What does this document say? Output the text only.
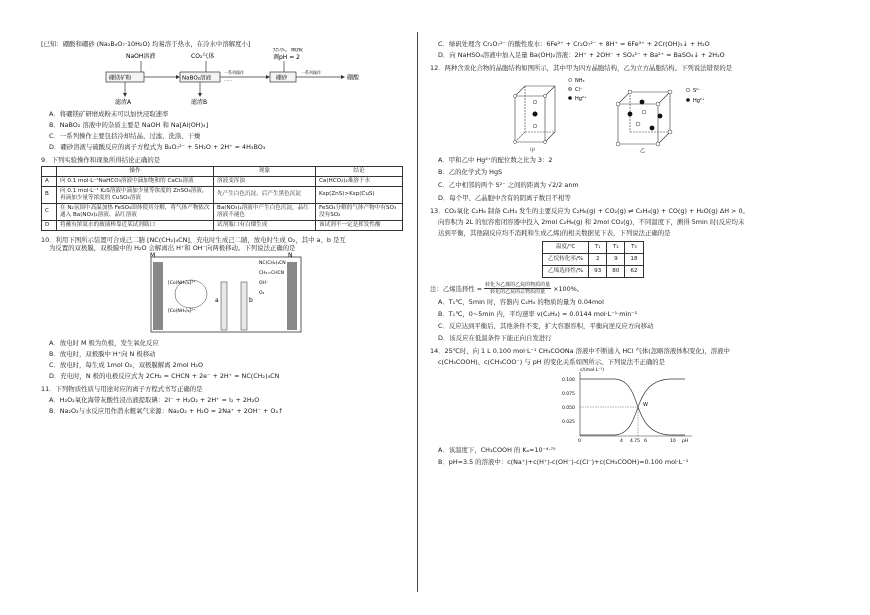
[已知：硼酸和硼砂 (Na₂B₄O₇·10H₂O) 均易溶于热水，在冷水中溶解度小]
NaOH溶液	CO₂气体
热水，硫酸
调pH = 2
硼镁矿粉	NaBO₂溶液
一系列操作
……	硼砂
一系列操作
硼酸
滤渣A	滤渣B
A．将硼镁矿研磨成粉末可以加快浸取速率
B．NaBO₂ 溶液中的杂质主要是 NaOH 和 Na[Al(OH)₄]
C．一系列操作主要包括冷却结晶、过滤、洗涤、干燥
D．硼砂溶液与硫酸反应的离子方程式为 B₄O₇²⁻ + 5H₂O + 2H⁺ = 4H₃BO₃
9．下列实验操作和现象所得结论正确的是
	操作	现象	结论
A	向 0.1 mol·L⁻¹NaHCO₃溶液中滴加饱和的 CaCl₂溶液	溶液变浑浊	Ca(HCO₃)₂难溶于水
B	向 0.1 mol·L⁻¹ K₂S溶液中滴加少量等浓度的 ZnSO₄溶液，再滴加少量等浓度的 CuSO₄溶液	先产生白色沉淀，后产生黑色沉淀	Ksp(ZnS)>Ksp(CuS)
C	在 N₂氛围中高温加热 FeSO₄固体使其分解，将气体产物依次通入 Ba(NO₃)₂溶液、品红溶液	Ba(NO₃)₂溶液中产生白色沉淀，品红溶液不褪色	FeSO₄分解的气体产物中有SO₃没有SO₂
D	将蘸有浓氨水的玻璃棒靠近某试剂瓶口	试剂瓶口有白烟生成	该试剂不一定是挥发性酸
10．利用下图所示装置可合成己二腈 [NC(CH₂)₄CN]，充电时生成己二腈，放电时生成 O₂，其中 a、b 是互
为反置的双极膜，双极膜中的 H₂O 会解离出 H⁺和 OH⁻向两极移动。下列说法正确的是
M	N
a	b
[Co(NH₃)₆]³⁺
[Co(NH₃)₆]²⁺
NC(CH₂)₄CN
CH₂=CHCN
OH⁻
O₂
A．放电时 M 极为负极，发生氧化反应
B．放电时，双极膜中 H⁺向 N 极移动
C．放电时，每生成 1mol O₂，双极膜解离 2mol H₂O
D．充电时，N 极的电极反应式为 2CH₂ = CHCN + 2e⁻ + 2H⁺ = NC(CH₂)₄CN
11．下列物质性质与用途对应的离子方程式书写正确的是
A．H₂O₂氧化海带灰酸性浸出液提取碘：2I⁻ + H₂O₂ + 2H⁺ = I₂ + 2H₂O
B．Na₂O₂与水反应用作潜水艇氧气来源：Na₂O₂ + H₂O = 2Na⁺ + 2OH⁻ + O₂↑
C．绿矾处理含 Cr₂O₇²⁻ 的酸性废水：6Fe²⁺ + Cr₂O₇²⁻ + 8H⁺ = 6Fe³⁺ + 2Cr(OH)₃↓ + H₂O
D．向 NaHSO₄溶液中加入足量 Ba(OH)₂溶液：2H⁺ + 2OH⁻ + SO₄²⁻ + Ba²⁺ = BaSO₄↓ + 2H₂O
12．两种含汞化合物的晶胞结构如图所示，其中甲为四方晶胞结构，乙为立方晶胞结构。下列说法错误的是
NH₃
Cl⁻
Hg²⁺
甲
S²⁻
Hg²⁺
乙
A．甲和乙中 Hg²⁺的配位数之比为 3：2
B．乙的化学式为 HgS
C．乙中相邻的两个 S²⁻ 之间的距离为 √2/2 anm
D．每个甲、乙晶胞中含有的阴离子数目不相等
13．CO₂氧化 C₂H₆ 制备 C₂H₄ 发生的主要反应为 C₂H₆(g) + CO₂(g) ⇌ C₂H₄(g) + CO(g) + H₂O(g) ΔH > 0。
向容积为 2L 的恒容密闭容器中投入 2mol C₂H₆(g) 和 2mol CO₂(g)，不同温度下，测得 5min 时(反应均未
达到平衡，其他副反应均不消耗和生成乙烯)的相关数据见下表，下列说法正确的是
温度/℃	T₁	T₂	T₃
乙烷转化率/%	2	9	18
乙烯选择性/%	93	80	62
注：乙烯选择性 = 转化为乙烯的乙烷的物质的量
转化的乙烷的总物质的量 ×100%。
A．T₁℃，5min 时，容器内 C₂H₄ 的物质的量为 0.04mol
B．T₁℃，0~5min 内，平均速率 v(C₂H₄) = 0.0144 mol·L⁻¹·min⁻¹
C．反应达到平衡后，其他条件不变，扩大容器容积，平衡向逆反应方向移动
D．该反应在低温条件下能正向自发进行
14．25℃时，向 1 L 0.100 mol·L⁻¹ CH₃COONa 溶液中不断通入 HCl 气体(忽略溶液体积变化)，溶液中
c(CH₃COOH)、c(CH₃COO⁻) 与 pH 的变化关系如图所示。下列说法不正确的是
c/(mol·L⁻¹)
0.100
0.075
0.050
0.025
W
0	4 4.75 6	10 pH
A．该温度下，CH₃COOH 的 Kₐ=10⁻⁴·⁷⁵
B．pH=3.5 的溶液中：c(Na⁺)+c(H⁺)-c(OH⁻)-c(Cl⁻)+c(CH₃COOH)=0.100 mol·L⁻¹
